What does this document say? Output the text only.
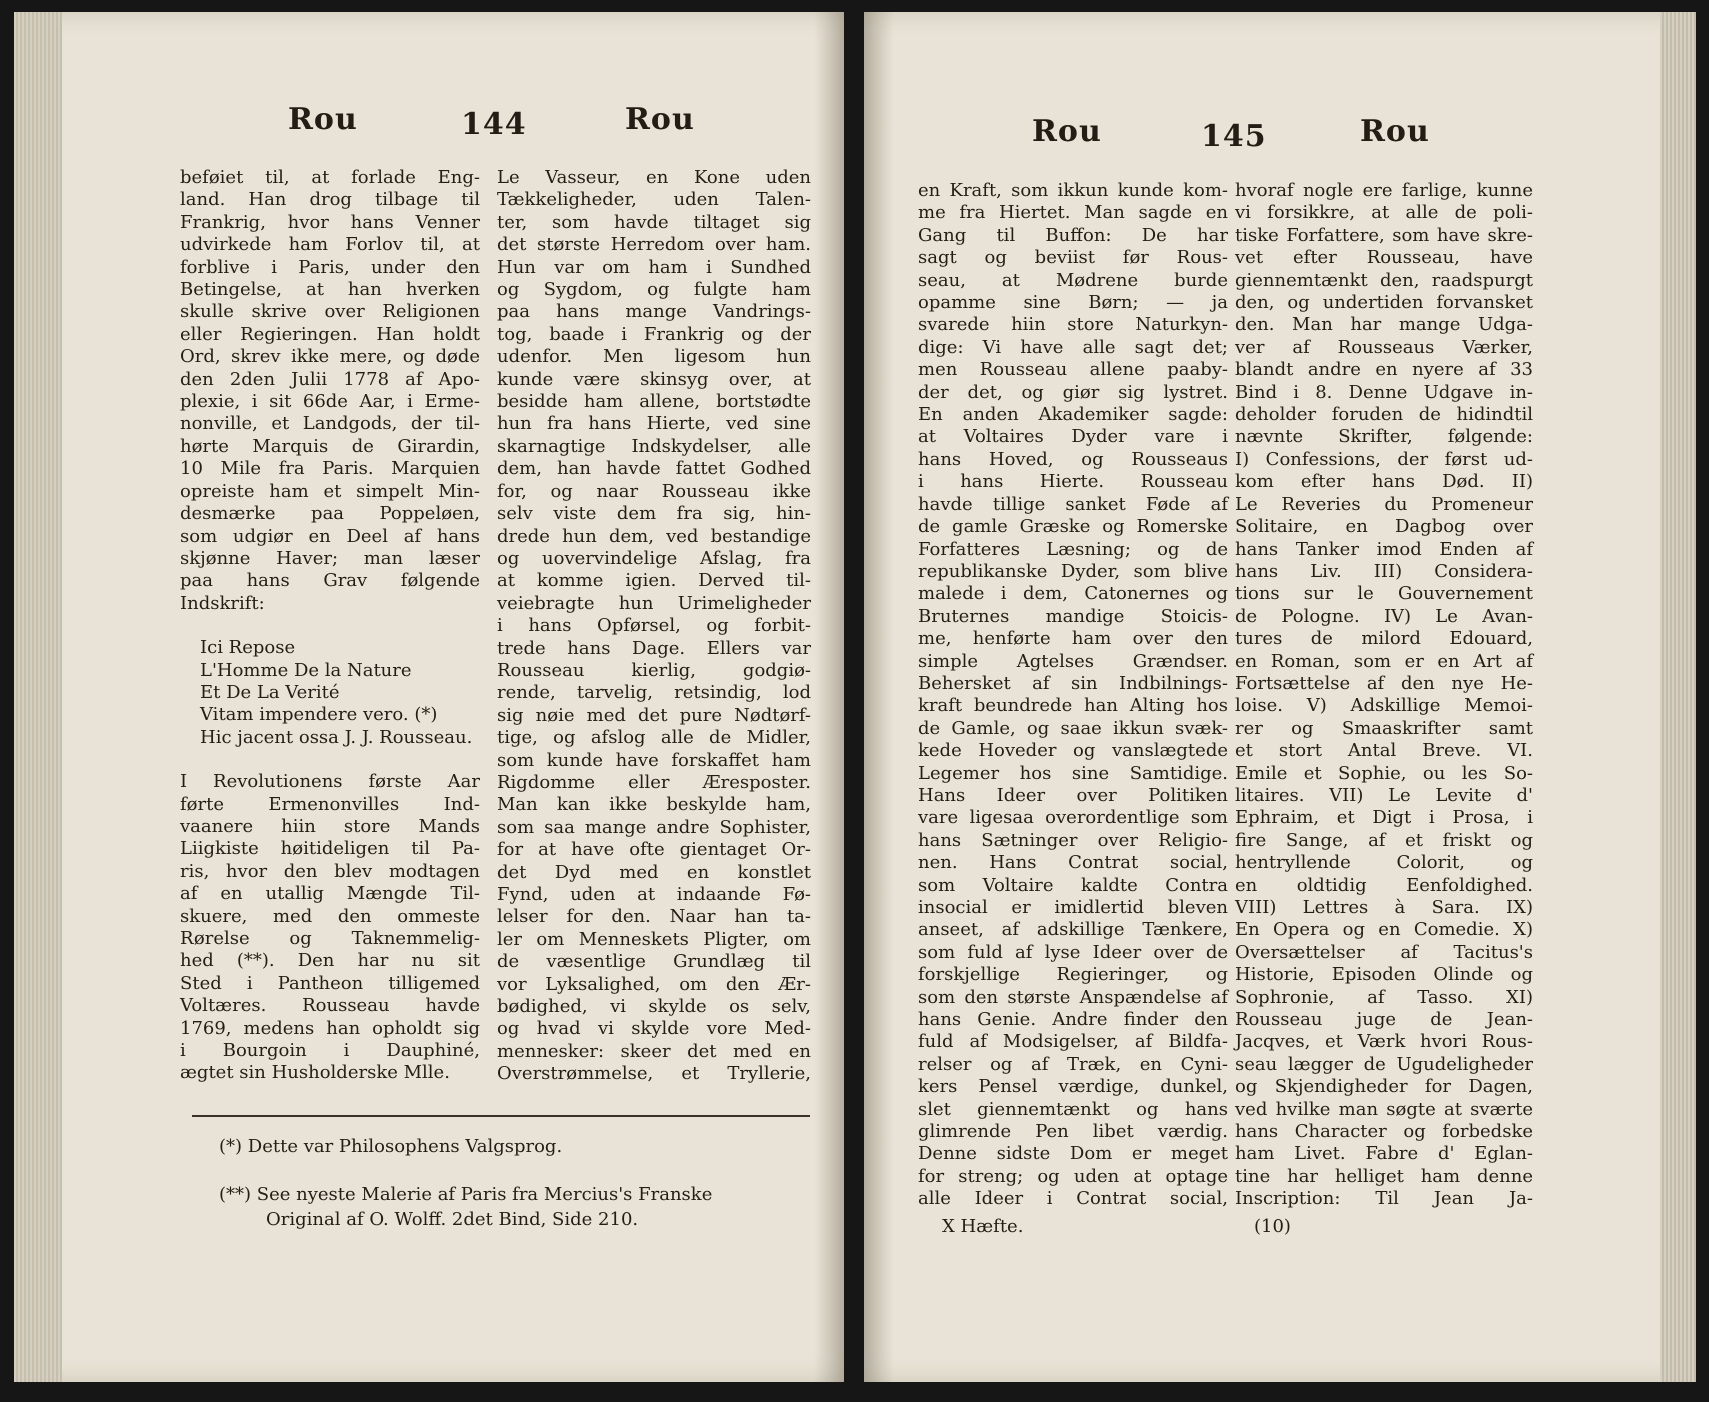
Rou	144	Rou

beføiet til, at forlade Eng-

land. Han drog tilbage til

Frankrig, hvor hans Venner

udvirkede ham Forlov til, at

forblive i Paris, under den

Betingelse, at han hverken

skulle skrive over Religionen

eller Regieringen. Han holdt

Ord, skrev ikke mere, og døde

den 2den Julii 1778 af Apo-

plexie, i sit 66de Aar, i Erme-

nonville, et Landgods, der til-

hørte Marquis de Girardin,

10 Mile fra Paris. Marquien

opreiste ham et simpelt Min-

desmærke paa Poppeløen,

som udgiør en Deel af hans

skjønne Haver; man læser

paa hans Grav følgende

Indskrift:

Ici Repose

L'Homme De la Nature

Et De La Verité

Vitam impendere vero. (*)

Hic jacent ossa J. J. Rousseau.

I Revolutionens første Aar

førte Ermenonvilles Ind-

vaanere hiin store Mands

Liigkiste høitideligen til Pa-

ris, hvor den blev modtagen

af en utallig Mængde Til-

skuere, med den ommeste

Rørelse og Taknemmelig-

hed (**). Den har nu sit

Sted i Pantheon tilligemed

Voltæres. Rousseau havde

1769, medens han opholdt sig

i Bourgoin i Dauphiné,

ægtet sin Husholderske Mlle.

Le Vasseur, en Kone uden

Tækkeligheder, uden Talen-

ter, som havde tiltaget sig

det største Herredom over ham.

Hun var om ham i Sundhed

og Sygdom, og fulgte ham

paa hans mange Vandrings-

tog, baade i Frankrig og der

udenfor. Men ligesom hun

kunde være skinsyg over, at

besidde ham allene, bortstødte

hun fra hans Hierte, ved sine

skarnagtige Indskydelser, alle

dem, han havde fattet Godhed

for, og naar Rousseau ikke

selv viste dem fra sig, hin-

drede hun dem, ved bestandige

og uovervindelige Afslag, fra

at komme igien. Derved til-

veiebragte hun Urimeligheder

i hans Opførsel, og forbit-

trede hans Dage. Ellers var

Rousseau kierlig, godgiø-

rende, tarvelig, retsindig, lod

sig nøie med det pure Nødtørf-

tige, og afslog alle de Midler,

som kunde have forskaffet ham

Rigdomme eller Æresposter.

Man kan ikke beskylde ham,

som saa mange andre Sophister,

for at have ofte gientaget Or-

det Dyd med en konstlet

Fynd, uden at indaande Fø-

lelser for den. Naar han ta-

ler om Menneskets Pligter, om

de væsentlige Grundlæg til

vor Lyksalighed, om den Ær-

bødighed, vi skylde os selv,

og hvad vi skylde vore Med-

mennesker: skeer det med en

Overstrømmelse, et Tryllerie,

(*) Dette var Philosophens Valgsprog.

(**) See nyeste Malerie af Paris fra Mercius's Franske

Original af O. Wolff. 2det Bind, Side 210.

Rou	145	Rou

en Kraft, som ikkun kunde kom-

me fra Hiertet. Man sagde en

Gang til Buffon: De har

sagt og beviist før Rous-

seau, at Mødrene burde

opamme sine Børn; — ja

svarede hiin store Naturkyn-

dige: Vi have alle sagt det;

men Rousseau allene paaby-

der det, og giør sig lystret.

En anden Akademiker sagde:

at Voltaires Dyder vare i

hans Hoved, og Rousseaus

i hans Hierte. Rousseau

havde tillige sanket Føde af

de gamle Græske og Romerske

Forfatteres Læsning; og de

republikanske Dyder, som blive

malede i dem, Catonernes og

Bruternes mandige Stoicis-

me, henførte ham over den

simple Agtelses Grændser.

Behersket af sin Indbilnings-

kraft beundrede han Alting hos

de Gamle, og saae ikkun svæk-

kede Hoveder og vanslægtede

Legemer hos sine Samtidige.

Hans Ideer over Politiken

vare ligesaa overordentlige som

hans Sætninger over Religio-

nen. Hans Contrat social,

som Voltaire kaldte Contra

insocial er imidlertid bleven

anseet, af adskillige Tænkere,

som fuld af lyse Ideer over de

forskjellige Regieringer, og

som den største Anspændelse af

hans Genie. Andre finder den

fuld af Modsigelser, af Bildfa-

relser og af Træk, en Cyni-

kers Pensel værdige, dunkel,

slet giennemtænkt og hans

glimrende Pen libet værdig.

Denne sidste Dom er meget

for streng; og uden at optage

alle Ideer i Contrat social,

hvoraf nogle ere farlige, kunne

vi forsikkre, at alle de poli-

tiske Forfattere, som have skre-

vet efter Rousseau, have

giennemtænkt den, raadspurgt

den, og undertiden forvansket

den. Man har mange Udga-

ver af Rousseaus Værker,

blandt andre en nyere af 33

Bind i 8. Denne Udgave in-

deholder foruden de hidindtil

nævnte Skrifter, følgende:

I) Confessions, der først ud-

kom efter hans Død. II)

Le Reveries du Promeneur

Solitaire, en Dagbog over

hans Tanker imod Enden af

hans Liv. III) Considera-

tions sur le Gouvernement

de Pologne. IV) Le Avan-

tures de milord Edouard,

en Roman, som er en Art af

Fortsættelse af den nye He-

loise. V) Adskillige Memoi-

rer og Smaaskrifter samt

et stort Antal Breve. VI.

Emile et Sophie, ou les So-

litaires. VII) Le Levite d'

Ephraim, et Digt i Prosa, i

fire Sange, af et friskt og

hentryllende Colorit, og

en oldtidig Eenfoldighed.

VIII) Lettres à Sara. IX)

En Opera og en Comedie. X)

Oversættelser af Tacitus's

Historie, Episoden Olinde og

Sophronie, af Tasso. XI)

Rousseau juge de Jean-

Jacqves, et Værk hvori Rous-

seau lægger de Ugudeligheder

og Skjendigheder for Dagen,

ved hvilke man søgte at sværte

hans Character og forbedske

ham Livet. Fabre d' Eglan-

tine har helliget ham denne

Inscription: Til Jean Ja-

X Hæfte.	(10)
